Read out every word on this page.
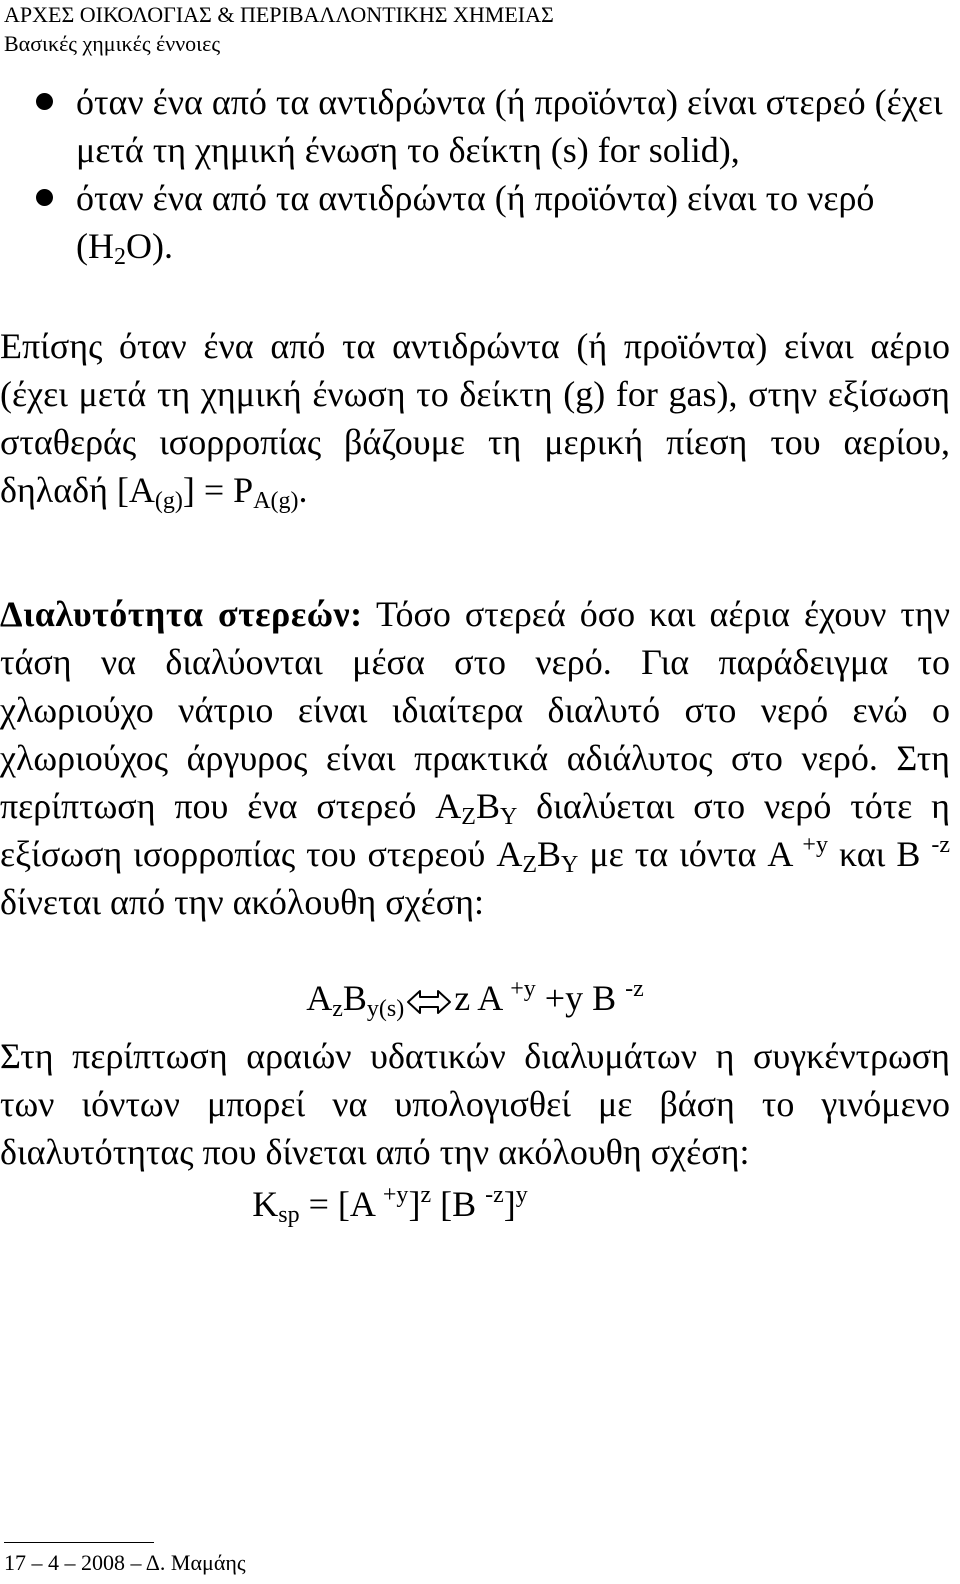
ΑΡΧΕΣ ΟΙΚΟΛΟΓΙΑΣ & ΠΕΡΙΒΑΛΛΟΝΤΙΚΗΣ ΧΗΜΕΙΑΣ
Βασικές χημικές έννοιες
όταν ένα από τα αντιδρώντα (ή προϊόντα) είναι στερεό (έχει μετά τη χημική ένωση το δείκτη (s) for solid),
όταν ένα από τα αντιδρώντα (ή προϊόντα) είναι το νερό $(H_2O)$.

Επίσης όταν ένα από τα αντιδρώντα (ή προϊόντα) είναι αέριο (έχει μετά τη χημική ένωση το δείκτη (g) for gas), στην εξίσωση σταθεράς ισορροπίας βάζουμε τη μερική πίεση του αερίου, δηλαδή $[A_{(g)}] = P_{A(g)}$.

Διαλυτότητα στερεών: Τόσο στερεά όσο και αέρια έχουν την τάση να διαλύονται μέσα στο νερό. Για παράδειγμα το χλωριούχο νάτριο είναι ιδιαίτερα διαλυτό στο νερό ενώ ο χλωριούχος άργυρος είναι πρακτικά αδιάλυτος στο νερό. Στη περίπτωση που ένα στερεό $A_ZB_Y$ διαλύεται στο νερό τότε η εξίσωση ισορροπίας του στερεού $A_ZB_Y$ με τα ιόντα A $^{+y}$ και B $^{-z}$ δίνεται από την ακόλουθη σχέση:

$A_zB_{y(s)}$ z A $^{+y}$ +y B $^{-z}$

Στη περίπτωση αραιών υδατικών διαλυμάτων η συγκέντρωση των ιόντων μπορεί να υπολογισθεί με βάση το γινόμενο διαλυτότητας που δίνεται από την ακόλουθη σχέση:

$K_{sp} = [A$ $^{+y}$]$^z$ [B $^{-z}$]$^y$
17 – 4 – 2008 – Δ. Μαμάης
